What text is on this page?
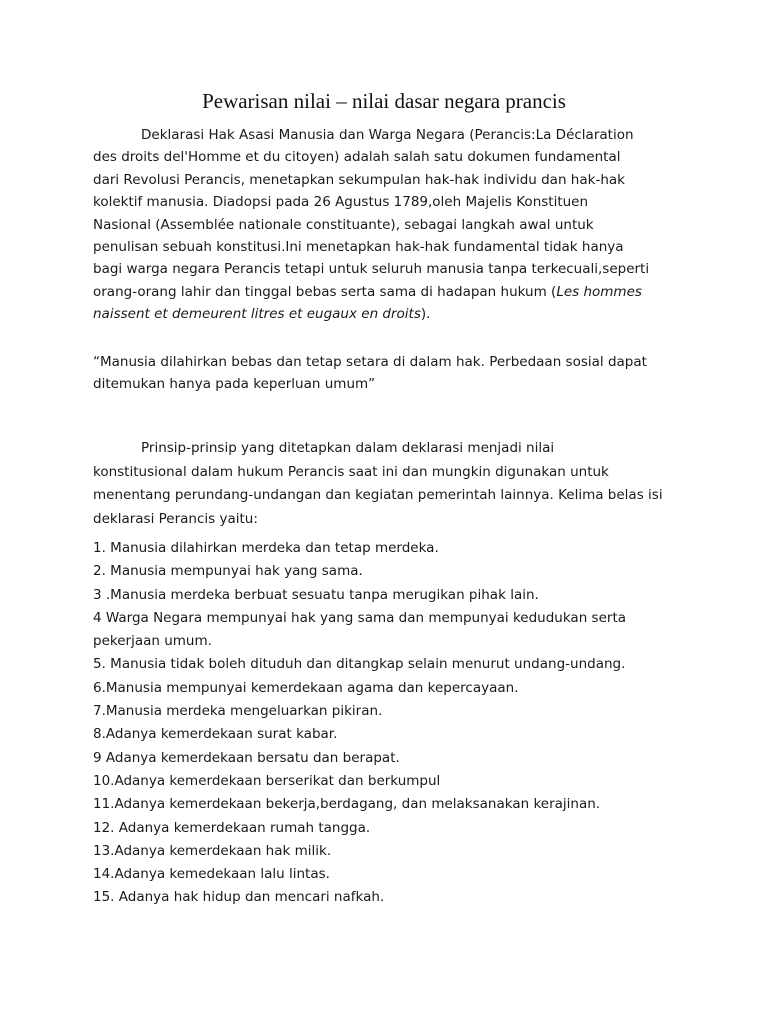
Pewarisan nilai – nilai dasar negara prancis
Deklarasi Hak Asasi Manusia dan Warga Negara (Perancis:La Déclaration
des droits del'Homme et du citoyen) adalah salah satu dokumen fundamental
dari Revolusi Perancis, menetapkan sekumpulan hak-hak individu dan hak-hak
kolektif manusia. Diadopsi pada 26 Agustus 1789,oleh Majelis Konstituen
Nasional (Assemblée nationale constituante), sebagai langkah awal untuk
penulisan sebuah konstitusi.Ini menetapkan hak-hak fundamental tidak hanya
bagi warga negara Perancis tetapi untuk seluruh manusia tanpa terkecuali,seperti
orang-orang lahir dan tinggal bebas serta sama di hadapan hukum (Les hommes
naissent et demeurent litres et eugaux en droits).
“Manusia dilahirkan bebas dan tetap setara di dalam hak. Perbedaan sosial dapat
ditemukan hanya pada keperluan umum”
Prinsip-prinsip yang ditetapkan dalam deklarasi menjadi nilai
konstitusional dalam hukum Perancis saat ini dan mungkin digunakan untuk
menentang perundang-undangan dan kegiatan pemerintah lainnya. Kelima belas isi
deklarasi Perancis yaitu:
1. Manusia dilahirkan merdeka dan tetap merdeka.
2. Manusia mempunyai hak yang sama.
3 .Manusia merdeka berbuat sesuatu tanpa merugikan pihak lain.
4 Warga Negara mempunyai hak yang sama dan mempunyai kedudukan serta
pekerjaan umum.
5. Manusia tidak boleh dituduh dan ditangkap selain menurut undang-undang.
6.Manusia mempunyai kemerdekaan agama dan kepercayaan.
7.Manusia merdeka mengeluarkan pikiran.
8.Adanya kemerdekaan surat kabar.
9 Adanya kemerdekaan bersatu dan berapat.
10.Adanya kemerdekaan berserikat dan berkumpul
11.Adanya kemerdekaan bekerja,berdagang, dan melaksanakan kerajinan.
12. Adanya kemerdekaan rumah tangga.
13.Adanya kemerdekaan hak milik.
14.Adanya kemedekaan lalu lintas.
15. Adanya hak hidup dan mencari nafkah.
